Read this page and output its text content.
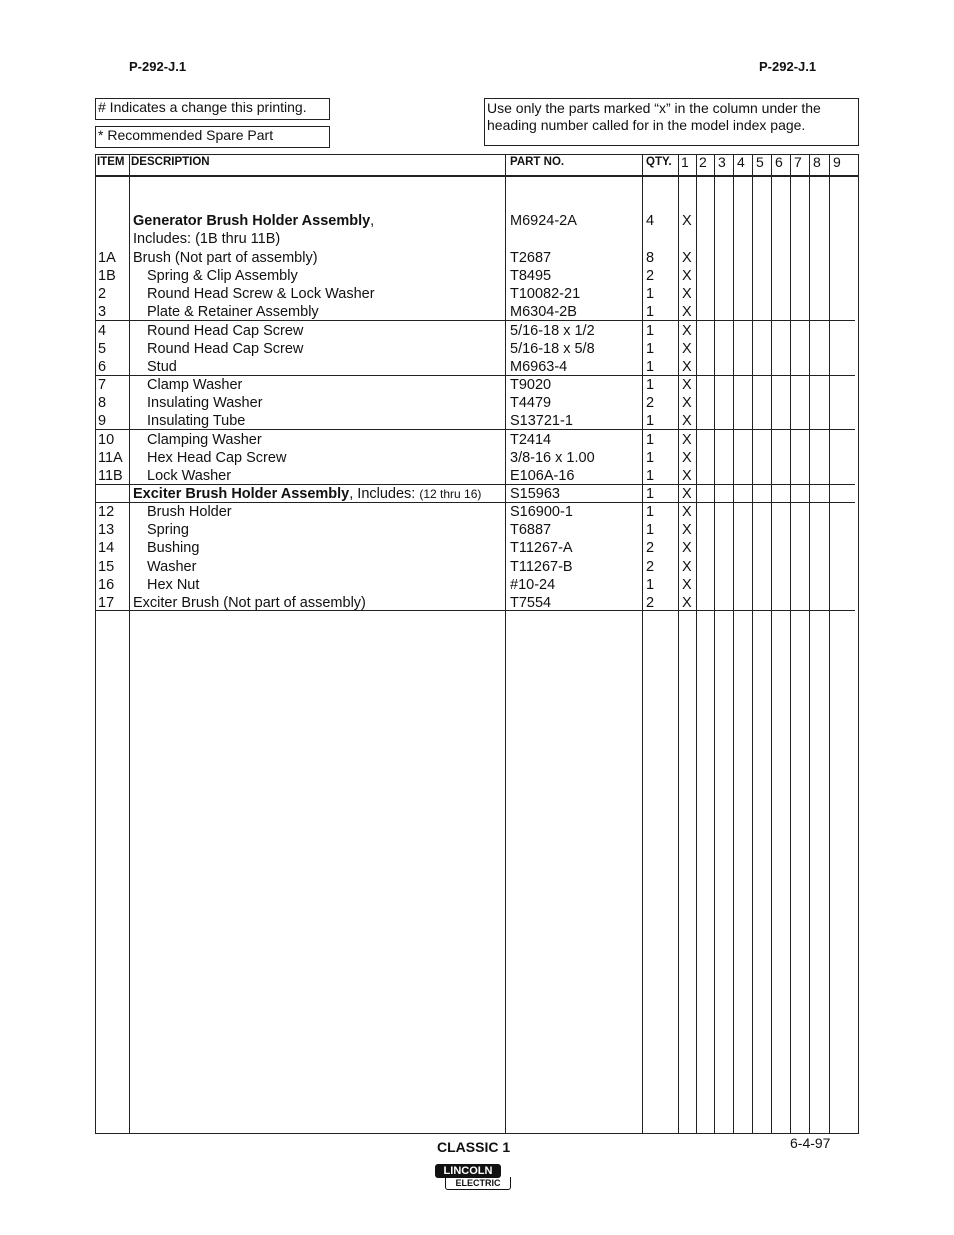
P-292-J.1	P-292-J.1
# Indicates a change this printing.
* Recommended Spare Part
Use only the parts marked “x” in the column under the heading number called for in the model index page.
ITEM DESCRIPTION	PART NO.	QTY. 1 2 3 4 5 6 7 8 9
Generator Brush Holder Assembly,	M6924-2A	4 X
Includes: (1B thru 11B)
1A Brush (Not part of assembly)	T2687	8 X
1B Spring & Clip Assembly	T8495	2 X
2	Round Head Screw & Lock Washer	T10082-21	1 X
3	Plate & Retainer Assembly	M6304-2B	1 X
4	Round Head Cap Screw	5/16-18 x 1/2	1 X
5	Round Head Cap Screw	5/16-18 x 5/8	1 X
6	Stud	M6963-4	1 X
7	Clamp Washer	T9020	1 X
8	Insulating Washer	T4479	2 X
9	Insulating Tube	S13721-1	1 X
10 Clamping Washer	T2414	1 X
11A Hex Head Cap Screw	3/8-16 x 1.00	1 X
11B Lock Washer	E106A-16	1 X
Exciter Brush Holder Assembly, Includes: (12 thru 16) S15963	1 X
12 Brush Holder	S16900-1	1 X
13 Spring	T6887	1 X
14 Bushing	T11267-A	2 X
15 Washer	T11267-B	2 X
16 Hex Nut	#10-24	1 X
17 Exciter Brush (Not part of assembly)	T7554	2 X
CLASSIC 1	6-4-97
LINCOLN
ELECTRIC
